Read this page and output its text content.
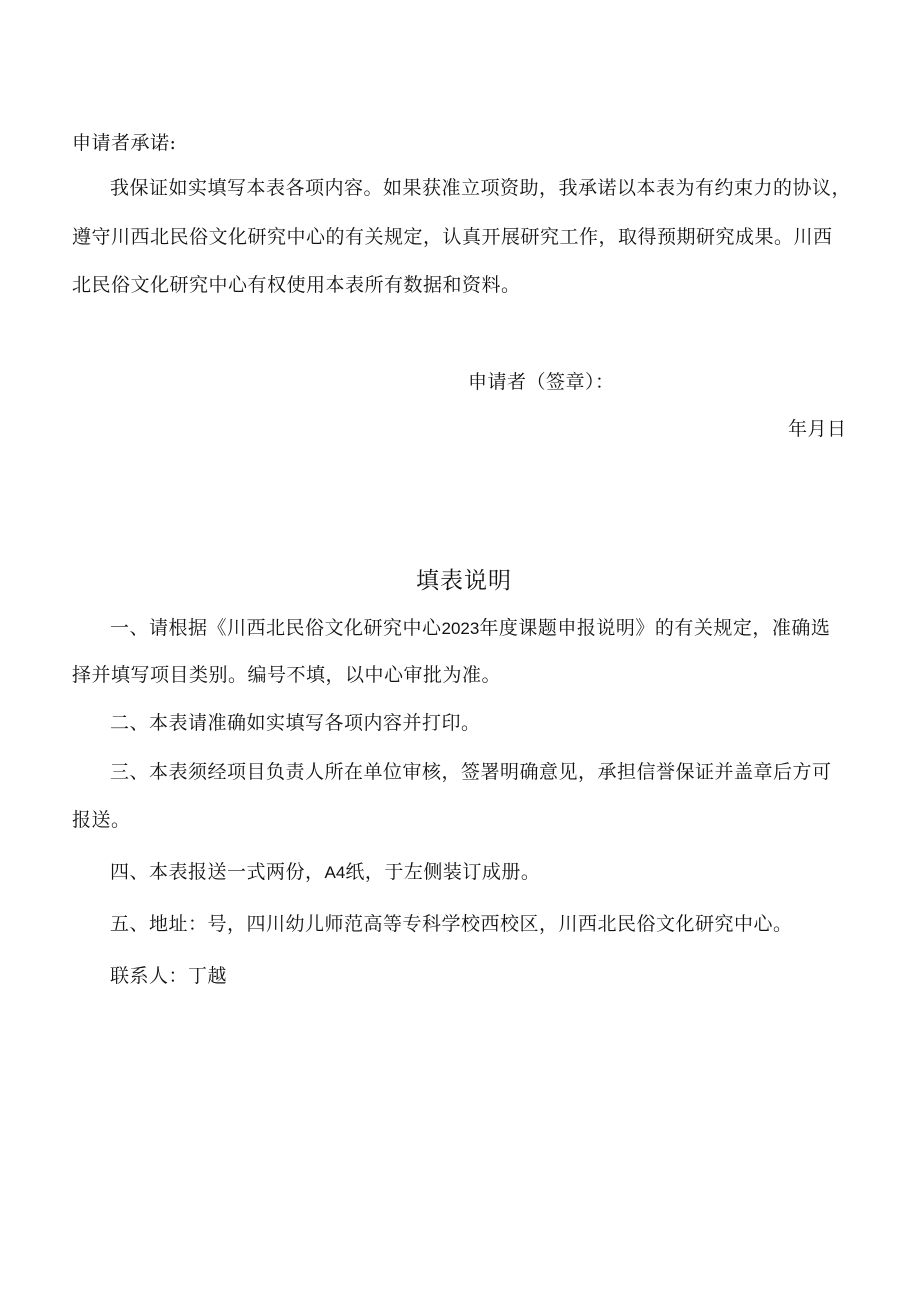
申请者承诺:
我保证如实填写本表各项内容。如果获准立项资助，我承诺以本表为有约束力的协议，
遵守川西北民俗文化研究中心的有关规定，认真开展研究工作，取得预期研究成果。川西
北民俗文化研究中心有权使用本表所有数据和资料。
申请者（签章）：
年月日
填表说明
一、请根据《川西北民俗文化研究中心2023年度课题申报说明》的有关规定，准确选
择并填写项目类别。编号不填，以中心审批为准。
二、本表请准确如实填写各项内容并打印。
三、本表须经项目负责人所在单位审核，签署明确意见，承担信誉保证并盖章后方可
报送。
四、本表报送一式两份，A4纸，于左侧装订成册。
五、地址：号，四川幼儿师范高等专科学校西校区，川西北民俗文化研究中心。
联系人：丁越
